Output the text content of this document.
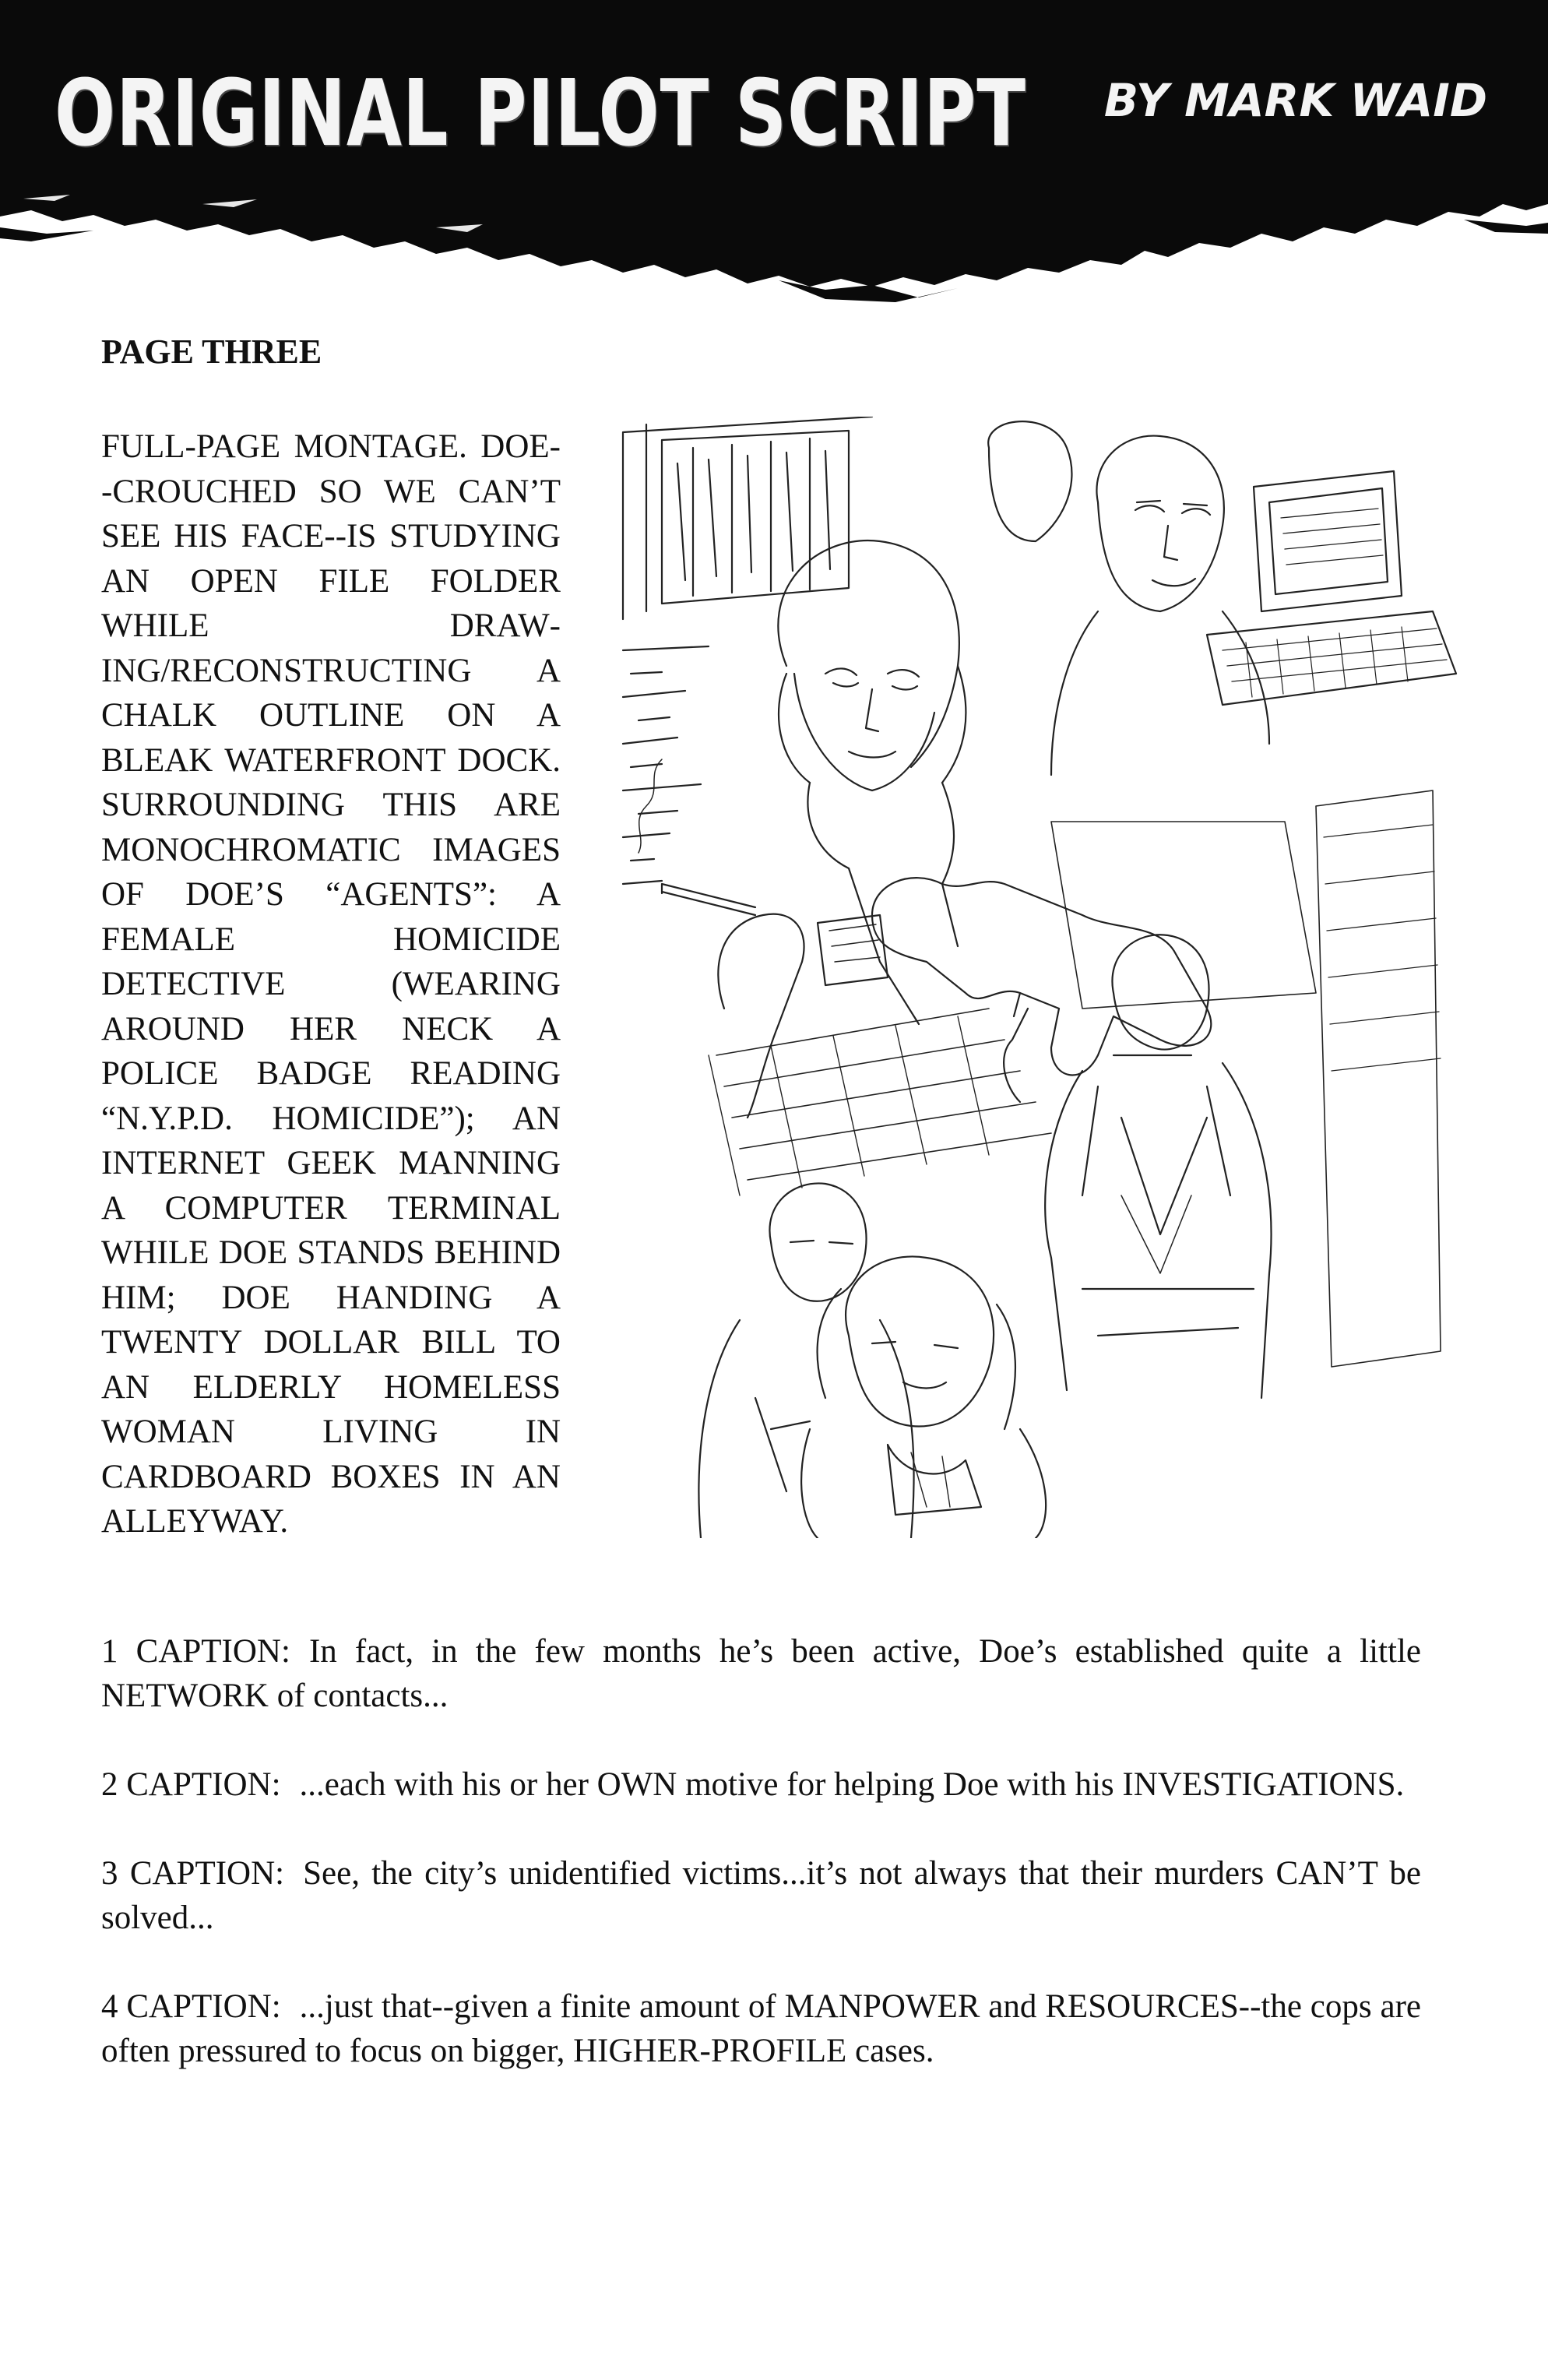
ORIGINAL PILOT SCRIPT BY MARK WAID
PAGE THREE
FULL-PAGE MONTAGE. DOE--CROUCHED SO WE CAN’T SEE HIS FACE--IS STUDYING AN OPEN FILE FOLDER WHILE DRAWING/RECONSTRUCTING A CHALK OUTLINE ON A BLEAK WATERFRONT DOCK. SURROUNDING THIS ARE MONOCHROMATIC IMAGES OF DOE’S “AGENTS”: A FEMALE HOMICIDE DETECTIVE (WEARING AROUND HER NECK A POLICE BADGE READING “N.Y.P.D. HOMICIDE”); AN INTERNET GEEK MANNING A COMPUTER TERMINAL WHILE DOE STANDS BEHIND HIM; DOE HANDING A TWENTY DOLLAR BILL TO AN ELDERLY HOMELESS WOMAN LIVING IN CARDBOARD BOXES IN AN ALLEYWAY.

1 CAPTION: In fact, in the few months he’s been active, Doe’s established quite a little NETWORK of contacts...

2 CAPTION: ...each with his or her OWN motive for helping Doe with his INVESTIGATIONS.

3 CAPTION: See, the city’s unidentified victims...it’s not always that their murders CAN’T be solved...

4 CAPTION: ...just that--given a finite amount of MANPOWER and RESOURCES--the cops are often pressured to focus on bigger, HIGHER-PROFILE cases.
